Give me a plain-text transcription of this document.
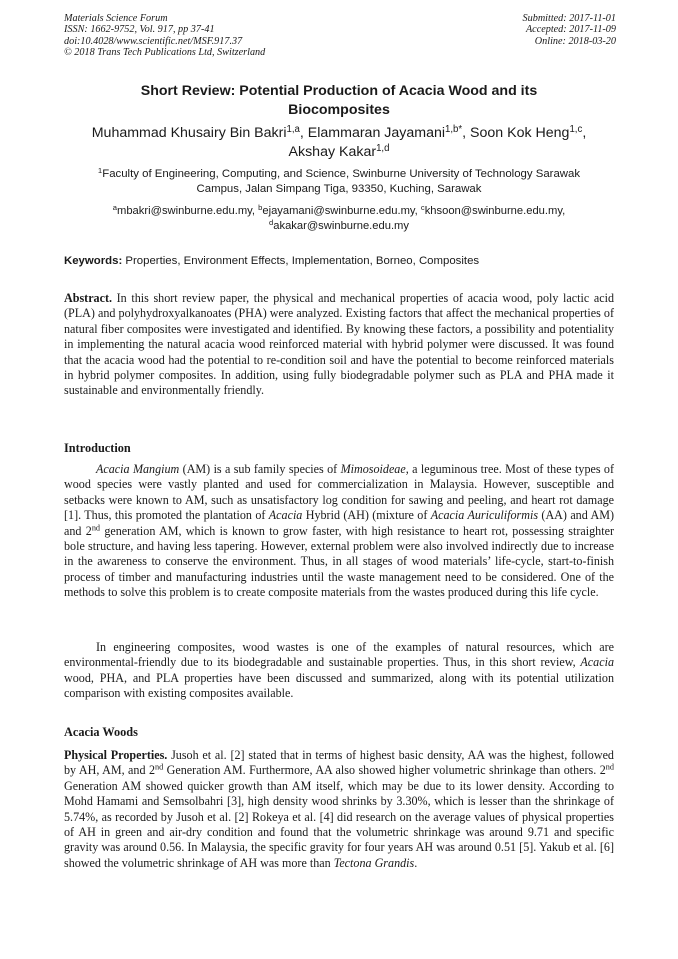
Materials Science Forum
ISSN: 1662-9752, Vol. 917, pp 37-41
doi:10.4028/www.scientific.net/MSF.917.37
© 2018 Trans Tech Publications Ltd, Switzerland
Submitted: 2017-11-01
Accepted: 2017-11-09
Online: 2018-03-20
Short Review: Potential Production of Acacia Wood and its
Biocomposites
Muhammad Khusairy Bin Bakri$^{1,a}$, Elammaran Jayamani$^{1,b*}$, Soon Kok Heng$^{1,c}$,
Akshay Kakar$^{1,d}$
$^1$Faculty of Engineering, Computing, and Science, Swinburne University of Technology Sarawak
Campus, Jalan Simpang Tiga, 93350, Kuching, Sarawak
$^a$mbakri@swinburne.edu.my, $^b$ejayamani@swinburne.edu.my, $^c$khsoon@swinburne.edu.my,
$^d$akakar@swinburne.edu.my
Keywords: Properties, Environment Effects, Implementation, Borneo, Composites
Abstract. In this short review paper, the physical and mechanical properties of acacia wood, poly lactic acid (PLA) and polyhydroxyalkanoates (PHA) were analyzed. Existing factors that affect the mechanical properties of natural fiber composites were investigated and identified. By knowing these factors, a possibility and potentiality in implementing the natural acacia wood reinforced material with hybrid polymer were discussed. It was found that the acacia wood had the potential to re-condition soil and have the potential to become reinforced materials in hybrid polymer composites. In addition, using fully biodegradable polymer such as PLA and PHA made it sustainable and environmentally friendly.
Introduction
Acacia Mangium (AM) is a sub family species of Mimosoideae, a leguminous tree. Most of these types of wood species were vastly planted and used for commercialization in Malaysia. However, susceptible and setbacks were known to AM, such as unsatisfactory log condition for sawing and peeling, and heart rot damage [1]. Thus, this promoted the plantation of Acacia Hybrid (AH) (mixture of Acacia Auriculiformis (AA) and AM) and 2nd generation AM, which is known to grow faster, with high resistance to heart rot, possessing straighter bole structure, and having less tapering. However, external problem were also involved indirectly due to increase in the awareness to conserve the environment. Thus, in all stages of wood materials’ life-cycle, start-to-finish process of timber and manufacturing industries until the waste management need to be considered. One of the methods to solve this problem is to create composite materials from the wastes produced during this life cycle.
In engineering composites, wood wastes is one of the examples of natural resources, which are environmental-friendly due to its biodegradable and sustainable properties. Thus, in this short review, Acacia wood, PHA, and PLA properties have been discussed and summarized, along with its potential utilization comparison with existing composites available.
Acacia Woods
Physical Properties. Jusoh et al. [2] stated that in terms of highest basic density, AA was the highest, followed by AH, AM, and 2nd Generation AM. Furthermore, AA also showed higher volumetric shrinkage than others. 2nd Generation AM showed quicker growth than AM itself, which may be due to its lower density. According to Mohd Hamami and Semsolbahri [3], high density wood shrinks by 3.30%, which is lesser than the shrinkage of 5.74%, as recorded by Jusoh et al. [2] Rokeya et al. [4] did research on the average values of physical properties of AH in green and air-dry condition and found that the volumetric shrinkage was around 9.71 and specific gravity was around 0.56. In Malaysia, the specific gravity for four years AH was around 0.51 [5]. Yakub et al. [6] showed the volumetric shrinkage of AH was more than Tectona Grandis.
